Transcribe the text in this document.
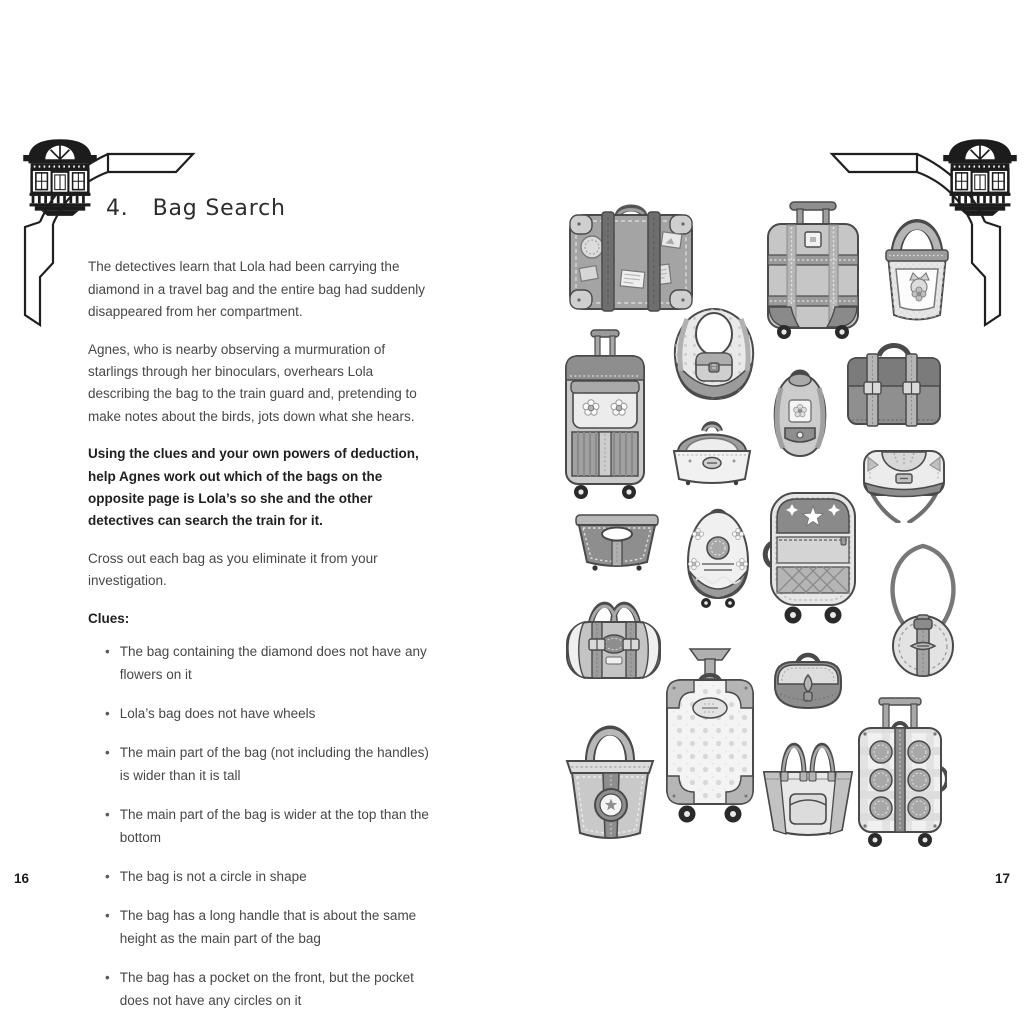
4. Bag Search

The detectives learn that Lola had been carrying the diamond in a travel bag and the entire bag had suddenly disappeared from her compartment.

Agnes, who is nearby observing a murmuration of starlings through her binoculars, overhears Lola describing the bag to the train guard and, pretending to make notes about the birds, jots down what she hears.

Using the clues and your own powers of deduction, help Agnes work out which of the bags on the opposite page is Lola’s so she and the other detectives can search the train for it.

Cross out each bag as you eliminate it from your investigation.

Clues:
• The bag containing the diamond does not have any flowers on it
• Lola’s bag does not have wheels
• The main part of the bag (not including the handles) is wider than it is tall
• The main part of the bag is wider at the top than the bottom
• The bag is not a circle in shape
• The bag has a long handle that is about the same height as the main part of the bag
• The bag has a pocket on the front, but the pocket does not have any circles on it
16	17
